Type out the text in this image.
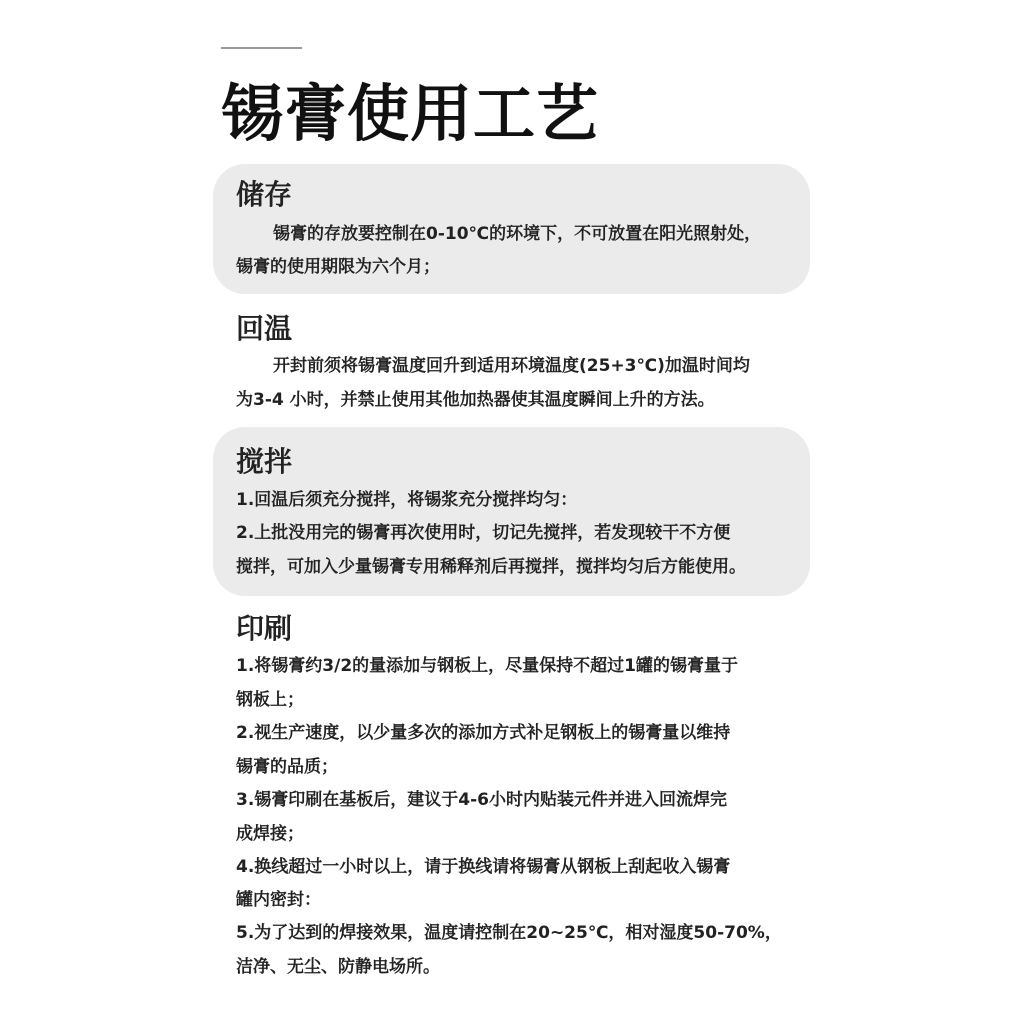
锡膏使用工艺
储存

锡膏的存放要控制在0-10℃的环境下，不可放置在阳光照射处，

锡膏的使用期限为六个月；

回温

开封前须将锡膏温度回升到适用环境温度(25+3℃)加温时间均

为3-4 小时，并禁止使用其他加热器使其温度瞬间上升的方法。

搅拌

1.回温后须充分搅拌，将锡浆充分搅拌均匀：

2.上批没用完的锡膏再次使用时，切记先搅拌，若发现较干不方便

搅拌，可加入少量锡膏专用稀释剂后再搅拌，搅拌均匀后方能使用。

印刷

1.将锡膏约3/2的量添加与钢板上，尽量保持不超过1罐的锡膏量于

钢板上；

2.视生产速度，以少量多次的添加方式补足钢板上的锡膏量以维持

锡膏的品质；

3.锡膏印刷在基板后，建议于4-6小时内贴装元件并进入回流焊完

成焊接；

4.换线超过一小时以上，请于换线请将锡膏从钢板上刮起收入锡膏

罐内密封：

5.为了达到的焊接效果，温度请控制在20~25℃，相对湿度50-70%，

洁净、无尘、防静电场所。
